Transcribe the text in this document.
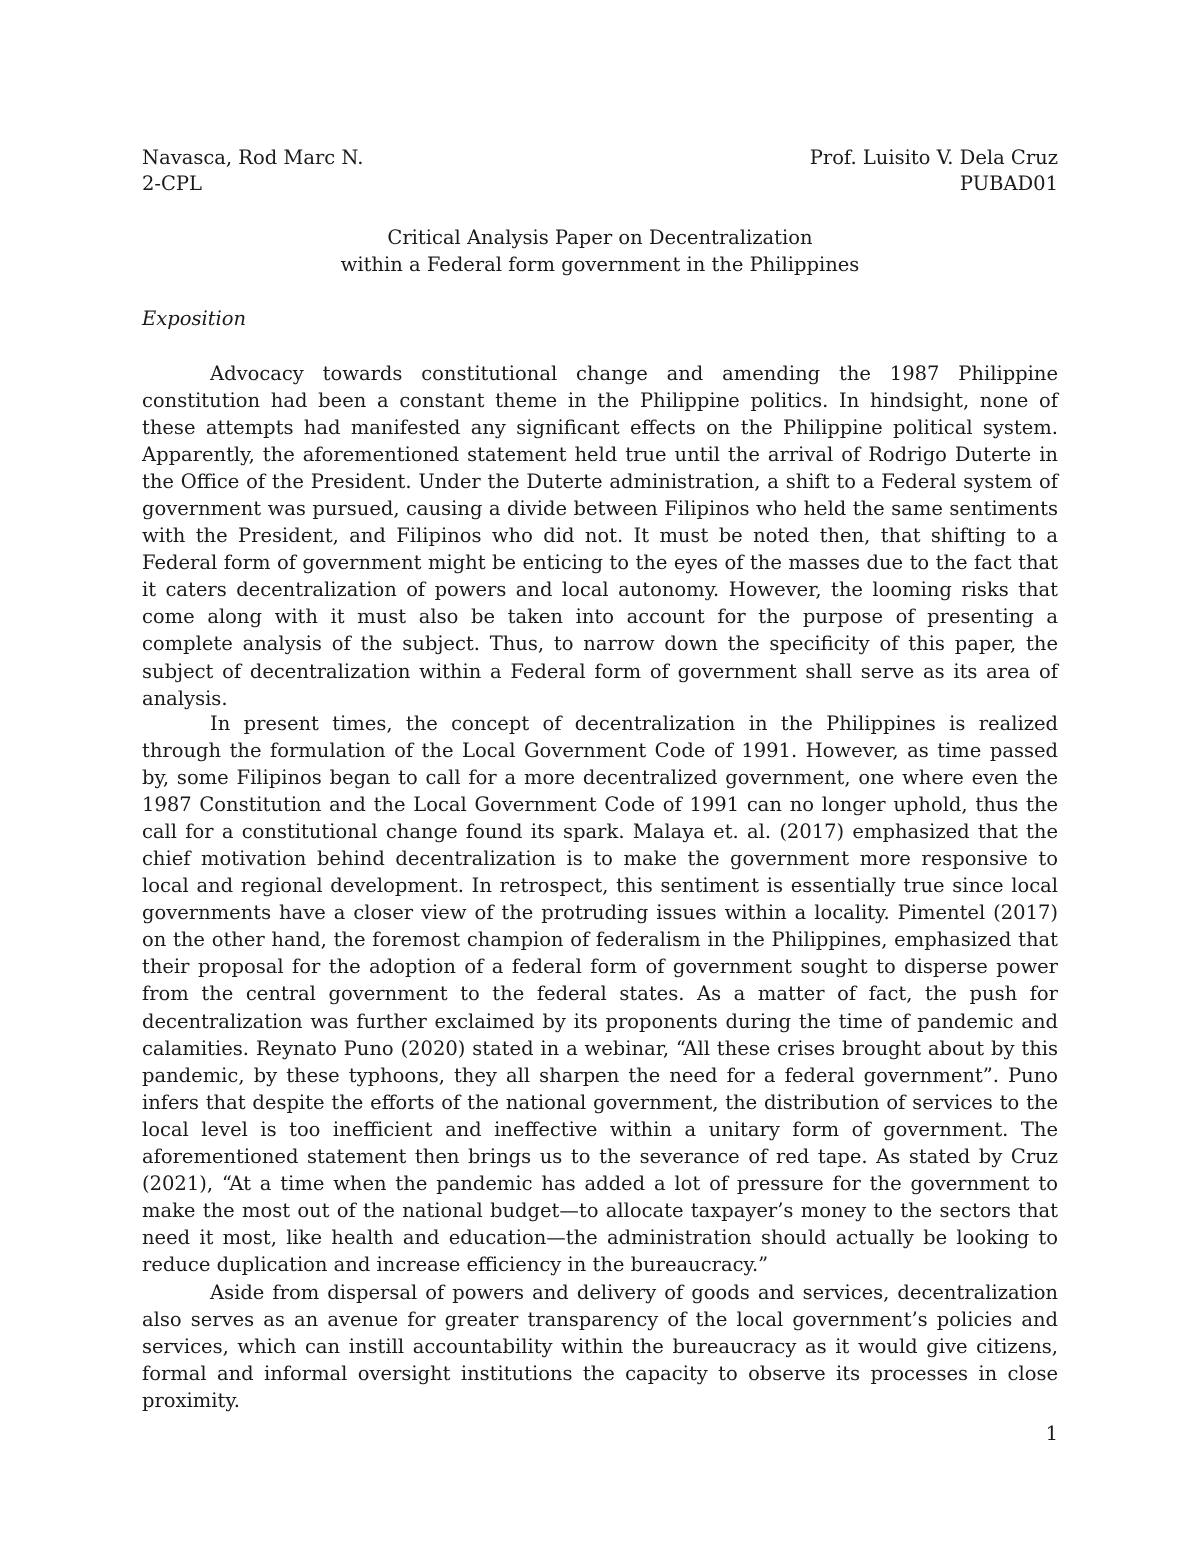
Navasca, Rod Marc N.	Prof. Luisito V. Dela Cruz
2-CPL	PUBAD01
Critical Analysis Paper on Decentralization
within a Federal form government in the Philippines
Exposition

Advocacy towards constitutional change and amending the 1987 Philippine constitution had been a constant theme in the Philippine politics. In hindsight, none of these attempts had manifested any significant effects on the Philippine political system. Apparently, the aforementioned statement held true until the arrival of Rodrigo Duterte in the Office of the President. Under the Duterte administration, a shift to a Federal system of government was pursued, causing a divide between Filipinos who held the same sentiments with the President, and Filipinos who did not. It must be noted then, that shifting to a Federal form of government might be enticing to the eyes of the masses due to the fact that it caters decentralization of powers and local autonomy. However, the looming risks that come along with it must also be taken into account for the purpose of presenting a complete analysis of the subject. Thus, to narrow down the specificity of this paper, the subject of decentralization within a Federal form of government shall serve as its area of analysis.

In present times, the concept of decentralization in the Philippines is realized through the formulation of the Local Government Code of 1991. However, as time passed by, some Filipinos began to call for a more decentralized government, one where even the 1987 Constitution and the Local Government Code of 1991 can no longer uphold, thus the call for a constitutional change found its spark. Malaya et. al. (2017) emphasized that the chief motivation behind decentralization is to make the government more responsive to local and regional development. In retrospect, this sentiment is essentially true since local governments have a closer view of the protruding issues within a locality. Pimentel (2017) on the other hand, the foremost champion of federalism in the Philippines, emphasized that their proposal for the adoption of a federal form of government sought to disperse power from the central government to the federal states. As a matter of fact, the push for decentralization was further exclaimed by its proponents during the time of pandemic and calamities. Reynato Puno (2020) stated in a webinar, “All these crises brought about by this pandemic, by these typhoons, they all sharpen the need for a federal government”. Puno infers that despite the efforts of the national government, the distribution of services to the local level is too inefficient and ineffective within a unitary form of government. The aforementioned statement then brings us to the severance of red tape. As stated by Cruz (2021), “At a time when the pandemic has added a lot of pressure for the government to make the most out of the national budget—to allocate taxpayer’s money to the sectors that need it most, like health and education—the administration should actually be looking to reduce duplication and increase efficiency in the bureaucracy.”

Aside from dispersal of powers and delivery of goods and services, decentralization also serves as an avenue for greater transparency of the local government’s policies and services, which can instill accountability within the bureaucracy as it would give citizens, formal and informal oversight institutions the capacity to observe its processes in close proximity.

1
